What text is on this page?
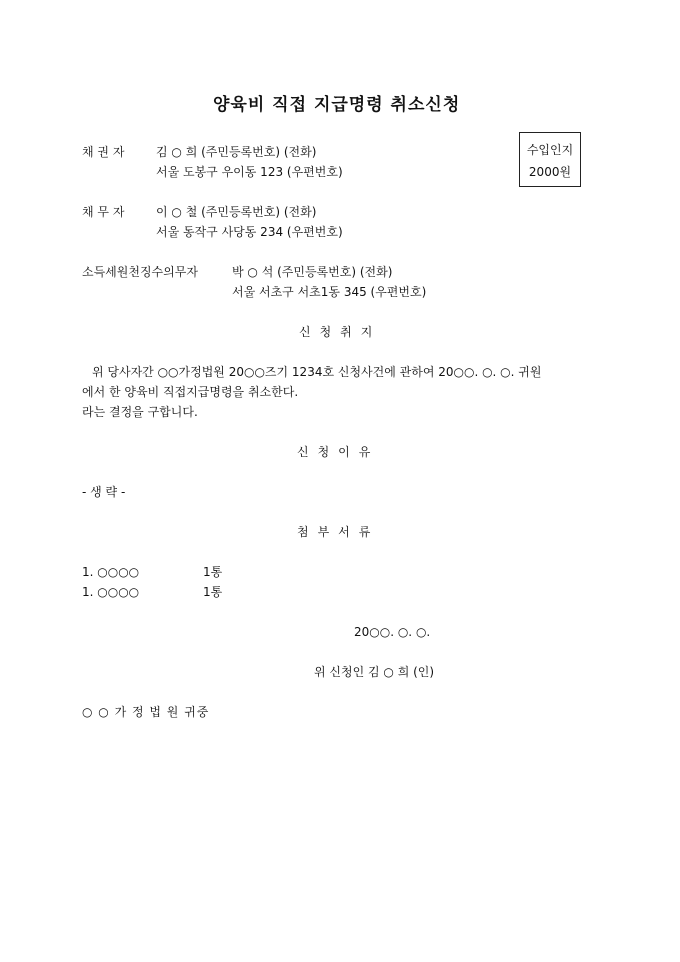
양육비 직접 지급명령 취소신청
수입인지
2000원
채 권 자	김 ○ 희 (주민등록번호) (전화)
서울 도봉구 우이동 123 (우편번호)
채 무 자	이 ○ 철 (주민등록번호) (전화)
서울 동작구 사당동 234 (우편번호)
소득세원천징수의무자	박 ○ 석 (주민등록번호) (전화)
서울 서초구 서초1동 345 (우편번호)
신청취지
위 당사자간 ○○가정법원 20○○즈기 1234호 신청사건에 관하여 20○○. ○. ○. 귀원
에서 한 양육비 직접지급명령을 취소한다.
라는 결정을 구합니다.
신청이유
- 생 략 -
첨부서류
1. ○○○○	1통
1. ○○○○	1통
20○○. ○. ○.
위 신청인 김 ○ 희 (인)
○ ○ 가 정 법 원 귀중
